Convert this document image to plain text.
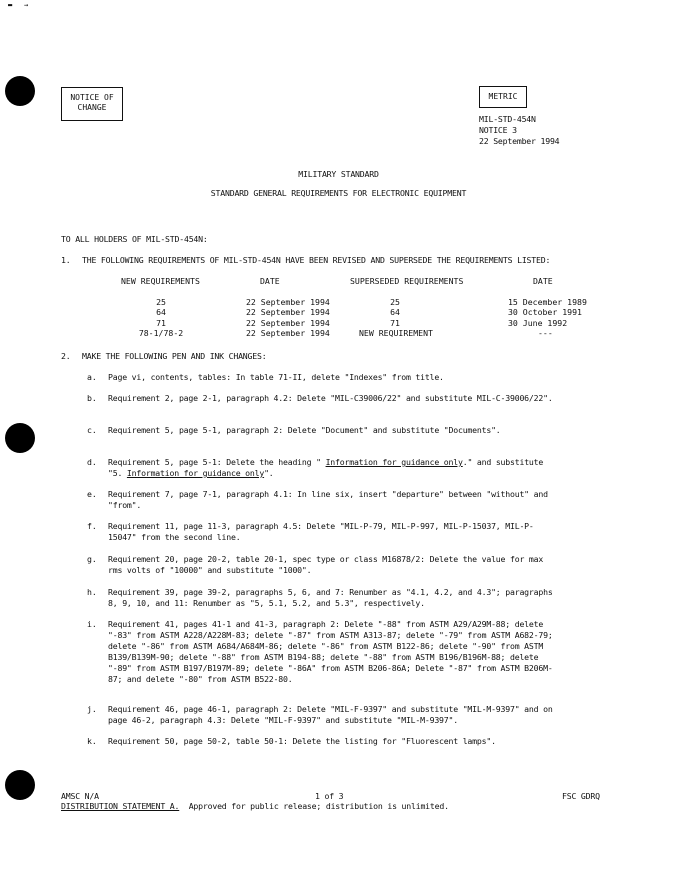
▬   →
NOTICE OF
CHANGE
METRIC
MIL-STD-454N
NOTICE 3
22 September 1994
MILITARY STANDARD
STANDARD GENERAL REQUIREMENTS FOR ELECTRONIC EQUIPMENT
TO ALL HOLDERS OF MIL-STD-454N:
1. THE FOLLOWING REQUIREMENTS OF MIL-STD-454N HAVE BEEN REVISED AND SUPERSEDE THE REQUIREMENTS LISTED:
NEW REQUIREMENTS	DATE	SUPERSEDED REQUIREMENTS	DATE
25	22 September 1994	25	15 December 1989
64	22 September 1994	64	30 October 1991
71	22 September 1994	71	30 June 1992
78-1/78-2	22 September 1994	NEW REQUIREMENT	---
2. MAKE THE FOLLOWING PEN AND INK CHANGES:
a. Page vi, contents, tables: In table 71-II, delete "Indexes" from title.
b. Requirement 2, page 2-1, paragraph 4.2: Delete "MIL-C39006/22" and substitute MIL-C-39006/22".
c. Requirement 5, page 5-1, paragraph 2: Delete "Document" and substitute "Documents".
d. Requirement 5, page 5-1: Delete the heading " Information for guidance only." and substitute "5. Information for guidance only".
e. Requirement 7, page 7-1, paragraph 4.1: In line six, insert "departure" between "without" and "from".
f. Requirement 11, page 11-3, paragraph 4.5: Delete "MIL-P-79, MIL-P-997, MIL-P-15037, MIL-P-15047" from the second line.
g. Requirement 20, page 20-2, table 20-1, spec type or class M16878/2: Delete the value for max rms volts of "10000" and substitute "1000".
h. Requirement 39, page 39-2, paragraphs 5, 6, and 7: Renumber as "4.1, 4.2, and 4.3"; paragraphs 8, 9, 10, and 11: Renumber as "5, 5.1, 5.2, and 5.3", respectively.
i. Requirement 41, pages 41-1 and 41-3, paragraph 2: Delete "-88" from ASTM A29/A29M-88; delete "-83" from ASTM A228/A228M-83; delete "-87" from ASTM A313-87; delete "-79" from ASTM A682-79; delete "-86" from ASTM A684/A684M-86; delete "-86" from ASTM B122-86; delete "-90" from ASTM B139/B139M-90; delete "-88" from ASTM B194-88; delete "-88" from ASTM B196/B196M-88; delete "-89" from ASTM B197/B197M-89; delete "-86A" from ASTM B206-86A; Delete "-87" from ASTM B206M-87; and delete "-80" from ASTM B522-80.
j. Requirement 46, page 46-1, paragraph 2: Delete "MIL-F-9397" and substitute "MIL-M-9397" and on page 46-2, paragraph 4.3: Delete "MIL-F-9397" and substitute "MIL-M-9397".
k. Requirement 50, page 50-2, table 50-1: Delete the listing for "Fluorescent lamps".
AMSC N/A	1 of 3	FSC GDRQ
DISTRIBUTION STATEMENT A. Approved for public release; distribution is unlimited.
